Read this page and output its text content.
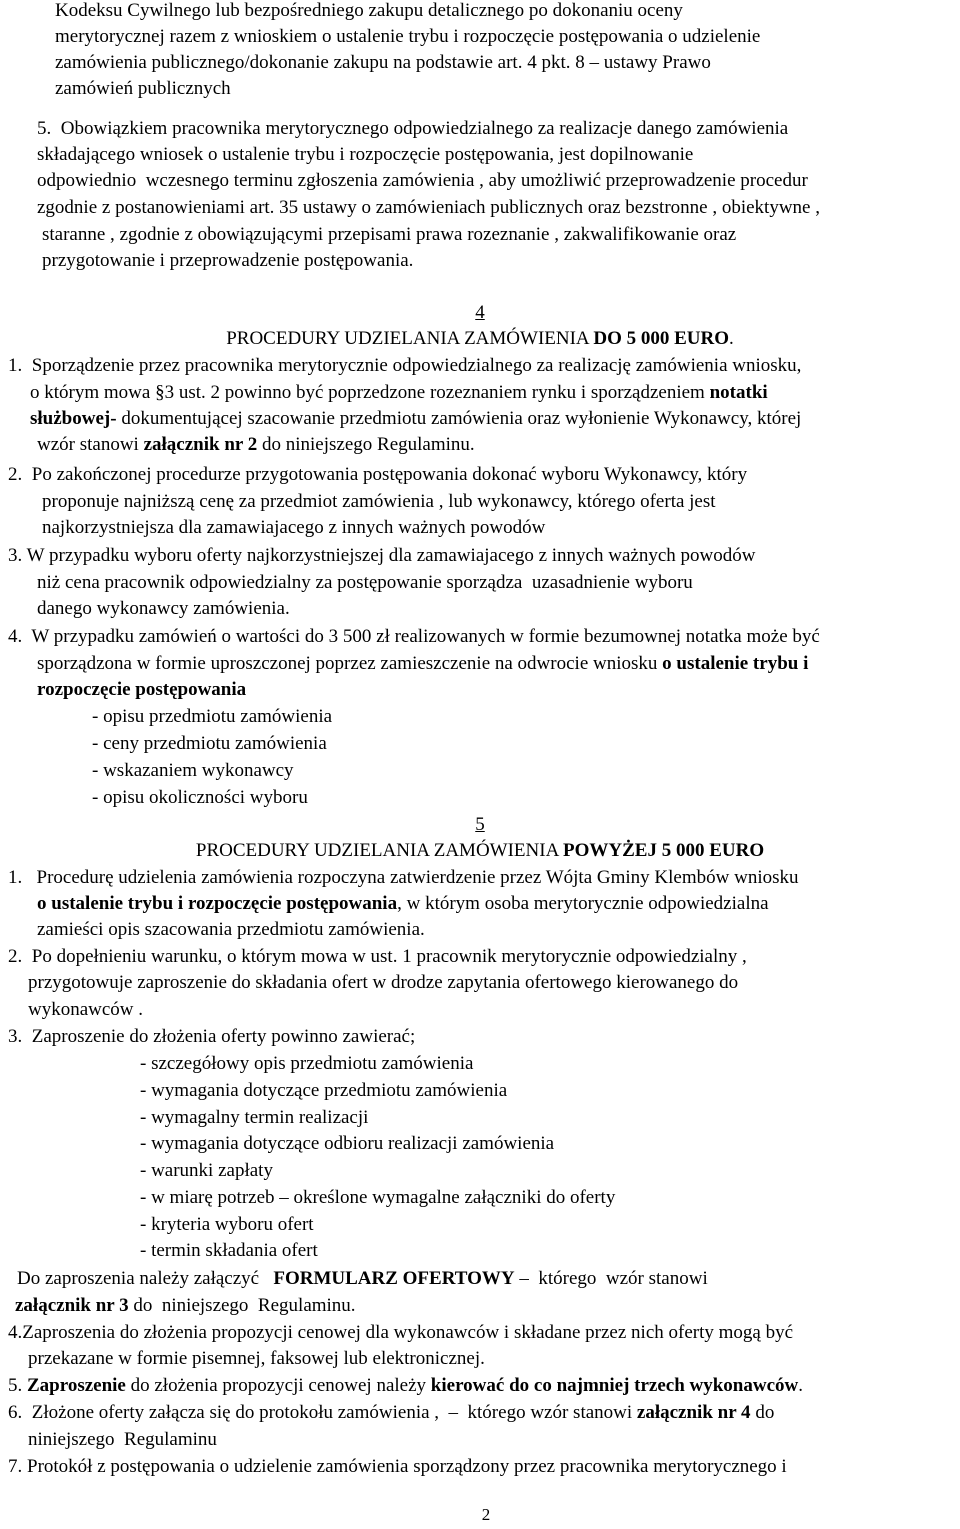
Kodeksu Cywilnego lub bezpośredniego zakupu detalicznego po dokonaniu oceny

merytorycznej razem z wnioskiem o ustalenie trybu i rozpoczęcie postępowania o udzielenie

zamówienia publicznego/dokonanie zakupu na podstawie art. 4 pkt. 8 – ustawy Prawo

zamówień publicznych

5.  Obowiązkiem pracownika merytorycznego odpowiedzialnego za realizacje danego zamówienia

składającego wniosek o ustalenie trybu i rozpoczęcie postępowania, jest dopilnowanie

odpowiednio  wczesnego terminu zgłoszenia zamówienia , aby umożliwić przeprowadzenie procedur

zgodnie z postanowieniami art. 35 ustawy o zamówieniach publicznych oraz bezstronne , obiektywne ,

staranne , zgodnie z obowiązującymi przepisami prawa rozeznanie , zakwalifikowanie oraz

przygotowanie i przeprowadzenie postępowania.

4
PROCEDURY UDZIELANIA ZAMÓWIENIA DO 5 000 EURO.

1.  Sporządzenie przez pracownika merytorycznie odpowiedzialnego za realizację zamówienia wniosku,

o którym mowa §3 ust. 2 powinno być poprzedzone rozeznaniem rynku i sporządzeniem notatki

służbowej- dokumentującej szacowanie przedmiotu zamówienia oraz wyłonienie Wykonawcy, której

wzór stanowi załącznik nr 2 do niniejszego Regulaminu.

2.  Po zakończonej procedurze przygotowania postępowania dokonać wyboru Wykonawcy, który

proponuje najniższą cenę za przedmiot zamówienia , lub wykonawcy, którego oferta jest

najkorzystniejsza dla zamawiajacego z innych ważnych powodów

3. W przypadku wyboru oferty najkorzystniejszej dla zamawiajacego z innych ważnych powodów

niż cena pracownik odpowiedzialny za postępowanie sporządza  uzasadnienie wyboru

danego wykonawcy zamówienia.

4.  W przypadku zamówień o wartości do 3 500 zł realizowanych w formie bezumownej notatka może być

sporządzona w formie uproszczonej poprzez zamieszczenie na odwrocie wniosku o ustalenie trybu i

rozpoczęcie postępowania

- opisu przedmiotu zamówienia

- ceny przedmiotu zamówienia

- wskazaniem wykonawcy

- opisu okoliczności wyboru

5
PROCEDURY UDZIELANIA ZAMÓWIENIA POWYŻEJ 5 000 EURO

1.   Procedurę udzielenia zamówienia rozpoczyna zatwierdzenie przez Wójta Gminy Klembów wniosku

o ustalenie trybu i rozpoczęcie postępowania, w którym osoba merytorycznie odpowiedzialna

zamieści opis szacowania przedmiotu zamówienia.

2.  Po dopełnieniu warunku, o którym mowa w ust. 1 pracownik merytorycznie odpowiedzialny ,

przygotowuje zaproszenie do składania ofert w drodze zapytania ofertowego kierowanego do

wykonawców .

3.  Zaproszenie do złożenia oferty powinno zawierać;

- szczegółowy opis przedmiotu zamówienia

- wymagania dotyczące przedmiotu zamówienia

- wymagalny termin realizacji

- wymagania dotyczące odbioru realizacji zamówienia

- warunki zapłaty

- w miarę potrzeb – określone wymagalne załączniki do oferty

- kryteria wyboru ofert

- termin składania ofert

Do zaproszenia należy załączyć   FORMULARZ OFERTOWY –  którego  wzór stanowi

załącznik nr 3 do  niniejszego  Regulaminu.

4.Zaproszenia do złożenia propozycji cenowej dla wykonawców i składane przez nich oferty mogą być

przekazane w formie pisemnej, faksowej lub elektronicznej.

5. Zaproszenie do złożenia propozycji cenowej należy kierować do co najmniej trzech wykonawców.

6.  Złożone oferty załącza się do protokołu zamówienia ,  –  którego wzór stanowi załącznik nr 4 do

niniejszego  Regulaminu

7. Protokół z postępowania o udzielenie zamówienia sporządzony przez pracownika merytorycznego i

2
